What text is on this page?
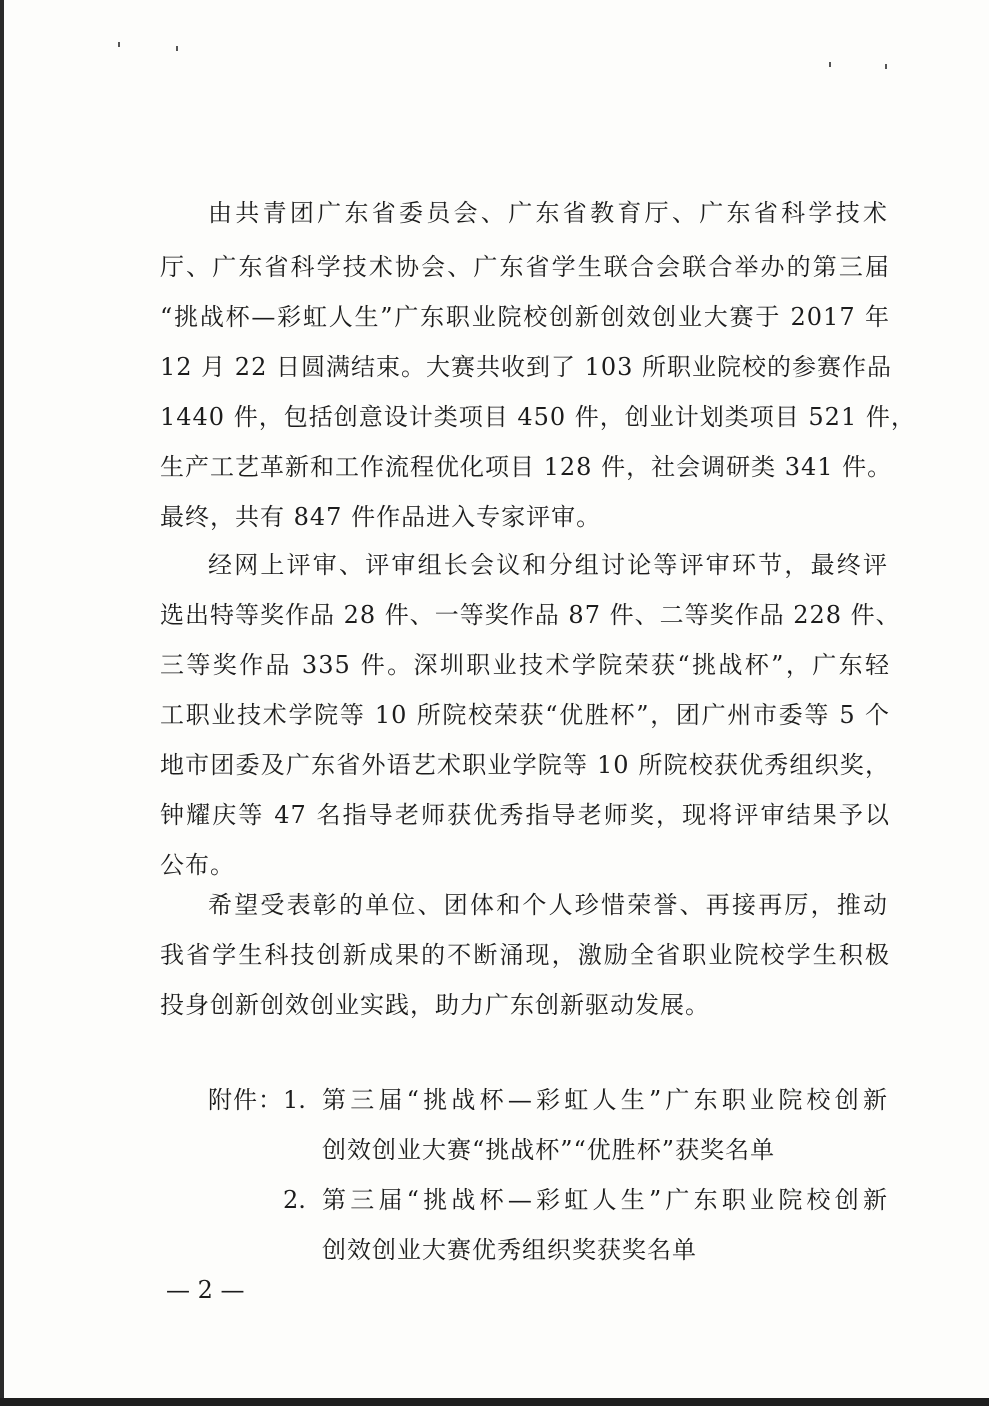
由共青团广东省委员会、广东省教育厅、广东省科学技术
厅、广东省科学技术协会、广东省学生联合会联合举办的第三届
“挑战杯—彩虹人生”广东职业院校创新创效创业大赛于 2017 年
12 月 22 日圆满结束。大赛共收到了 103 所职业院校的参赛作品
1440 件，包括创意设计类项目 450 件，创业计划类项目 521 件，
生产工艺革新和工作流程优化项目 128 件，社会调研类 341 件。
最终，共有 847 件作品进入专家评审。
经网上评审、评审组长会议和分组讨论等评审环节，最终评
选出特等奖作品 28 件、一等奖作品 87 件、二等奖作品 228 件、
三等奖作品 335 件。深圳职业技术学院荣获“挑战杯”，广东轻
工职业技术学院等 10 所院校荣获“优胜杯”，团广州市委等 5 个
地市团委及广东省外语艺术职业学院等 10 所院校获优秀组织奖，
钟耀庆等 47 名指导老师获优秀指导老师奖，现将评审结果予以
公布。
希望受表彰的单位、团体和个人珍惜荣誉、再接再厉，推动
我省学生科技创新成果的不断涌现，激励全省职业院校学生积极
投身创新创效创业实践，助力广东创新驱动发展。
附件： 1. 第三届“挑战杯—彩虹人生”广东职业院校创新
创效创业大赛“挑战杯”“优胜杯”获奖名单
2. 第三届“挑战杯—彩虹人生”广东职业院校创新
创效创业大赛优秀组织奖获奖名单
— 2 —
